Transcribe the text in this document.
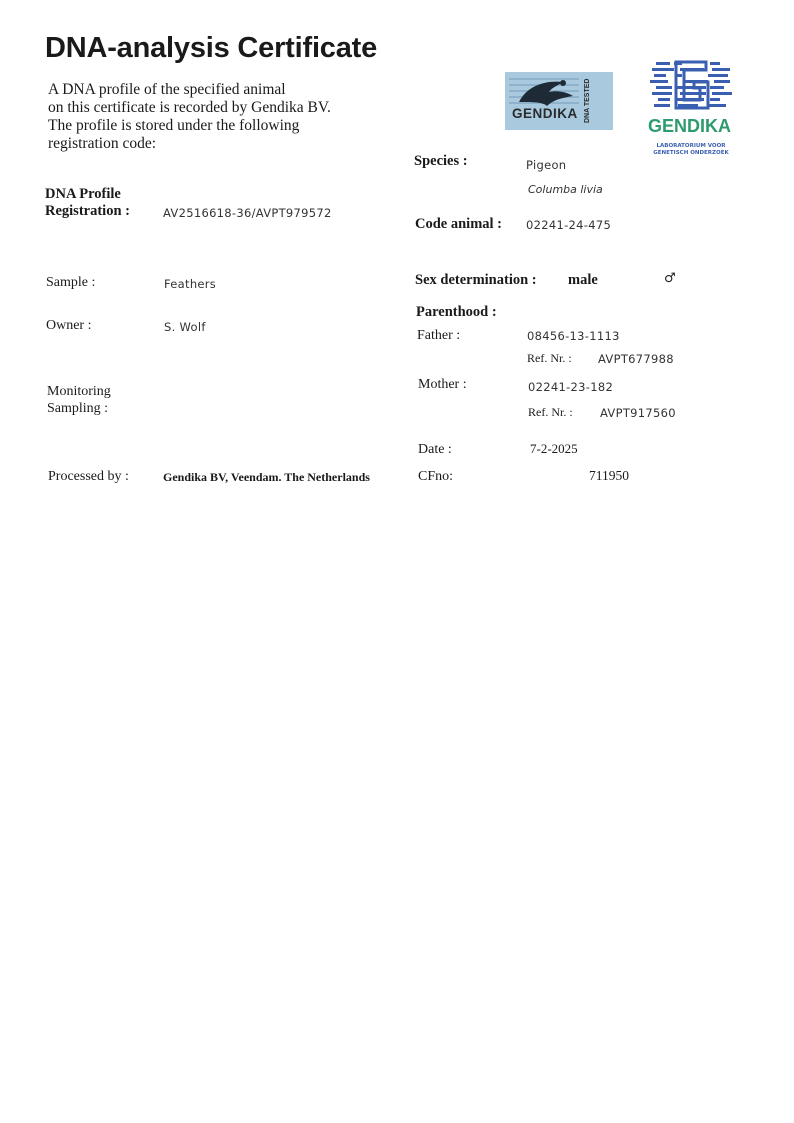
DNA-analysis Certificate
A DNA profile of the specified animal
on this certificate is recorded by Gendika BV.
The profile is stored under the following
registration code:
GENDIKA DNA TESTED
GENDIKA
LABORATORIUM VOOR
GENETISCH ONDERZOEK
DNA Profile
Registration :	AV2516618-36/AVPT979572
Sample :	Feathers
Owner :	S. Wolf
Monitoring
Sampling :
Processed by :	Gendika BV, Veendam. The Netherlands
Species :	Pigeon
Columba livia
Code animal : 02241-24-475
Sex determination : male	♂
Parenthood :
Father :	08456-13-1113
Ref. Nr. : AVPT677988
Mother :	02241-23-182
Ref. Nr. : AVPT917560
Date :	7-2-2025
CFno:	711950
